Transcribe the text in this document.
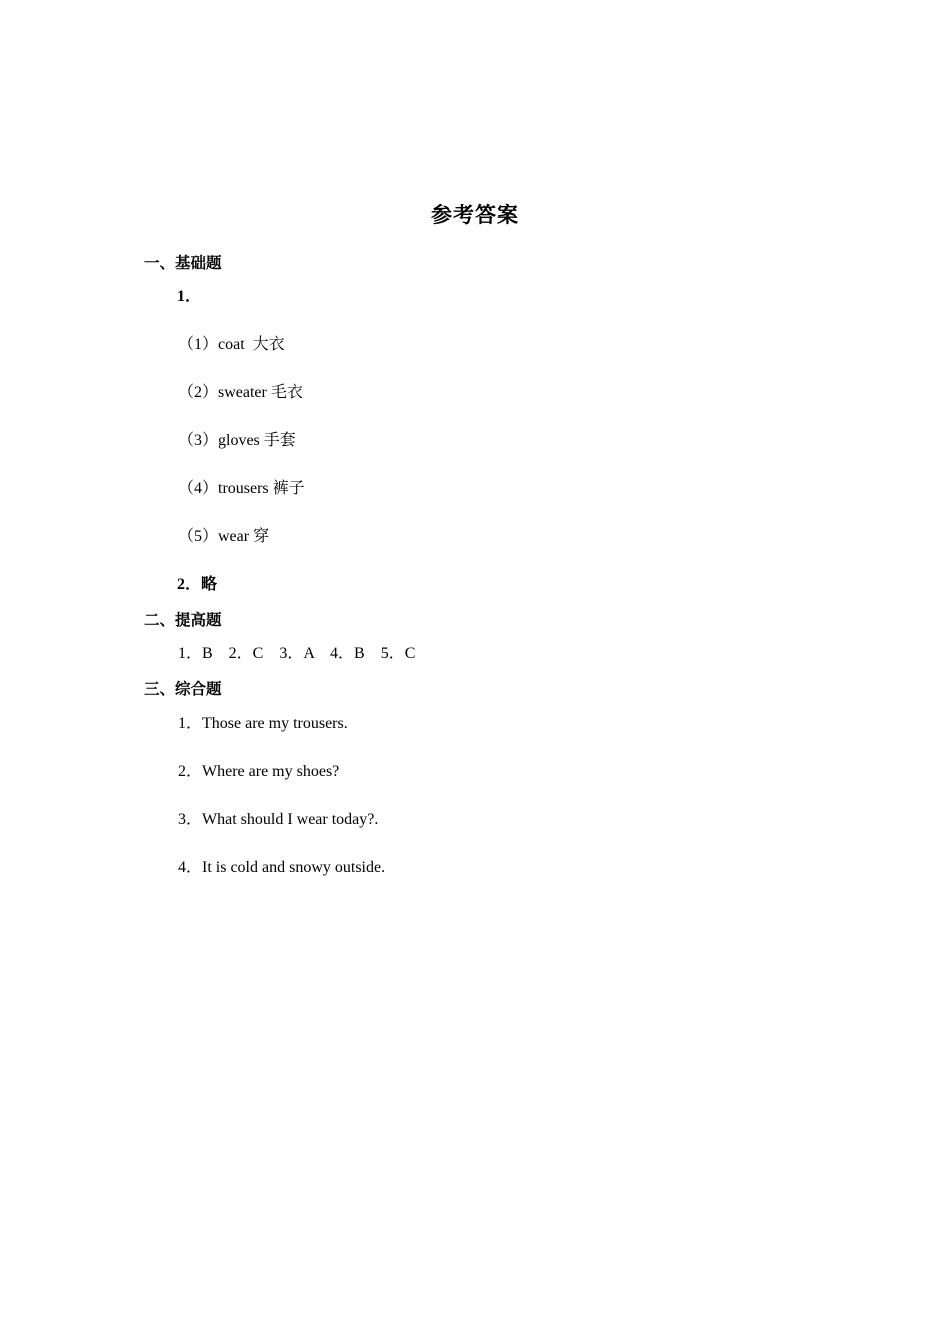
参考答案
一、基础题
1．
（1）coat  大衣
（2）sweater 毛衣
（3）gloves 手套
（4）trousers 裤子
（5）wear 穿
2．略
二、提高题
1．B    2．C    3．A    4．B    5．C
三、综合题
1．Those are my trousers.
2．Where are my shoes?
3．What should I wear today?.
4．It is cold and snowy outside.
